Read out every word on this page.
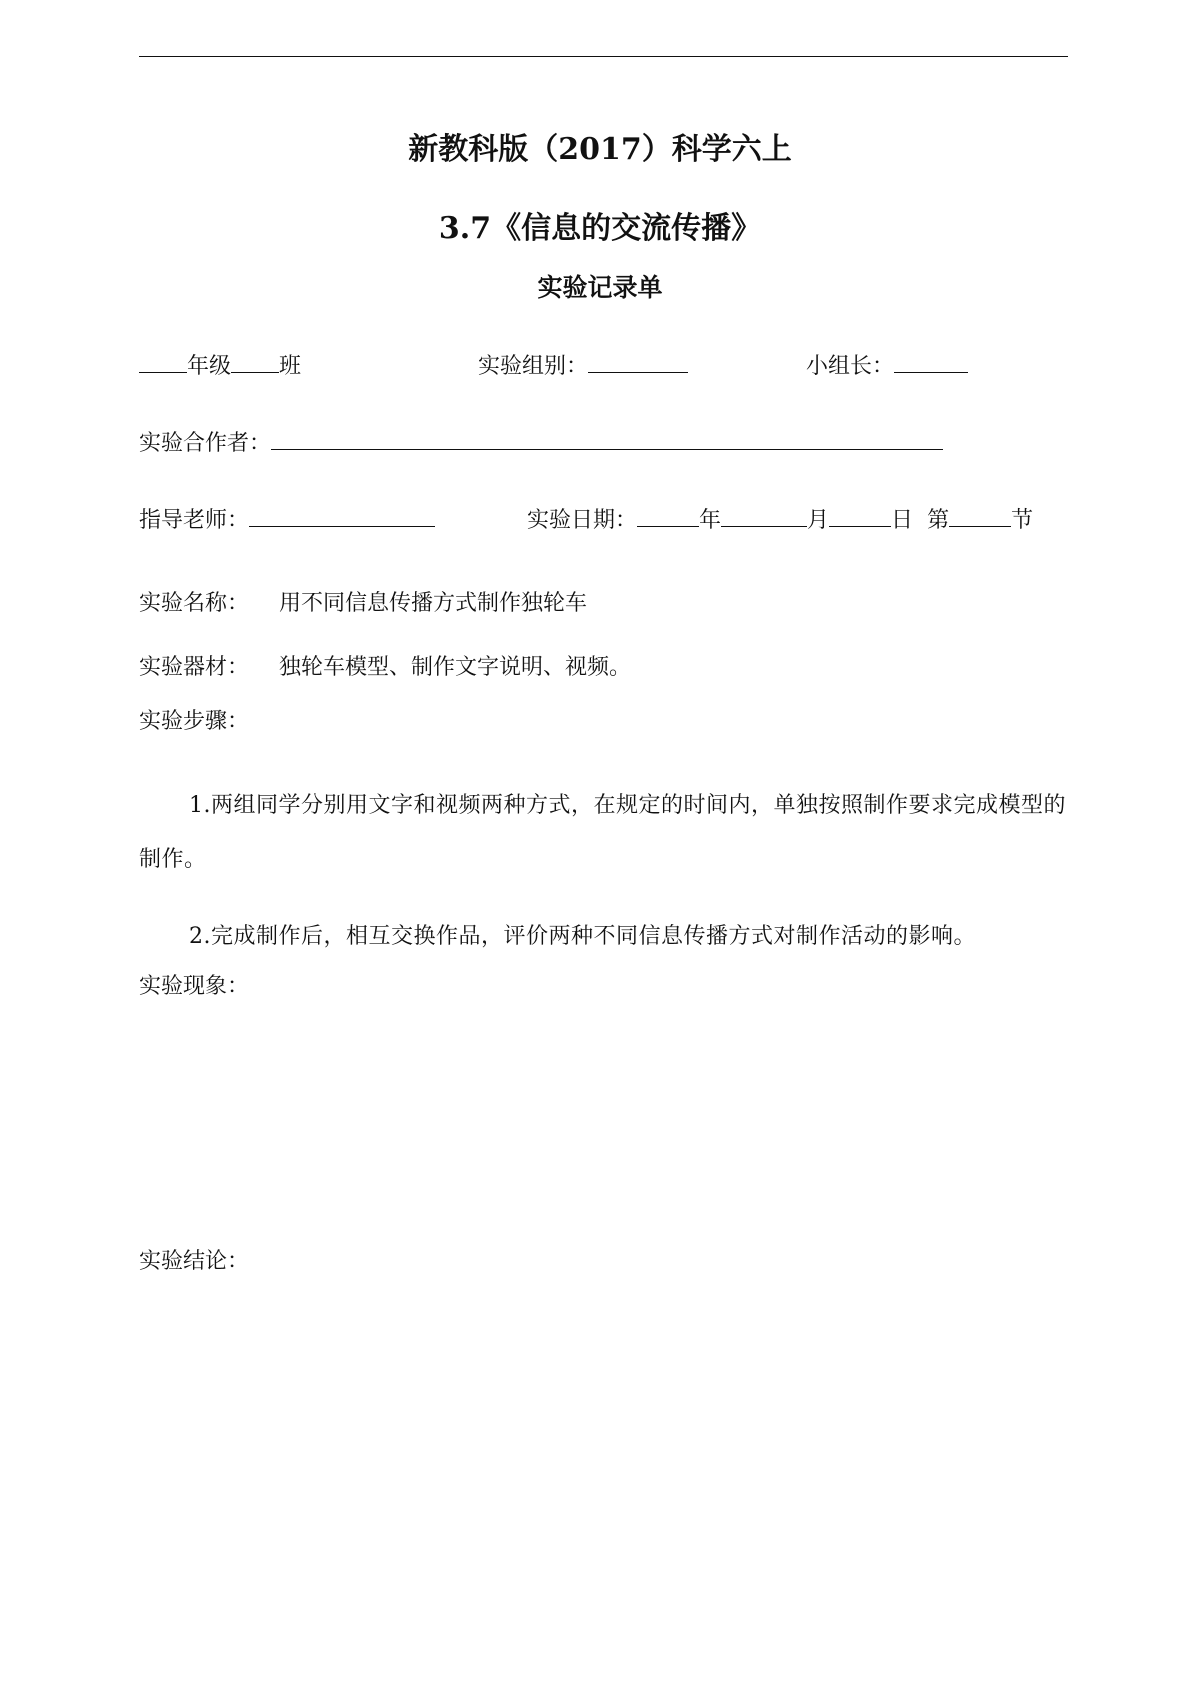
新教科版（2017）科学六上
3.7《信息的交流传播》
实验记录单
年级 班	实验组别：	小组长：
实验合作者：
指导老师：	实验日期：	年	月	日 第	节
实验名称： 用不同信息传播方式制作独轮车
实验器材： 独轮车模型、制作文字说明、视频。
实验步骤：
1.两组同学分别用文字和视频两种方式，在规定的时间内，单独按照制作要求完成模型的制作。
2.完成制作后，相互交换作品，评价两种不同信息传播方式对制作活动的影响。
实验现象：
实验结论：
